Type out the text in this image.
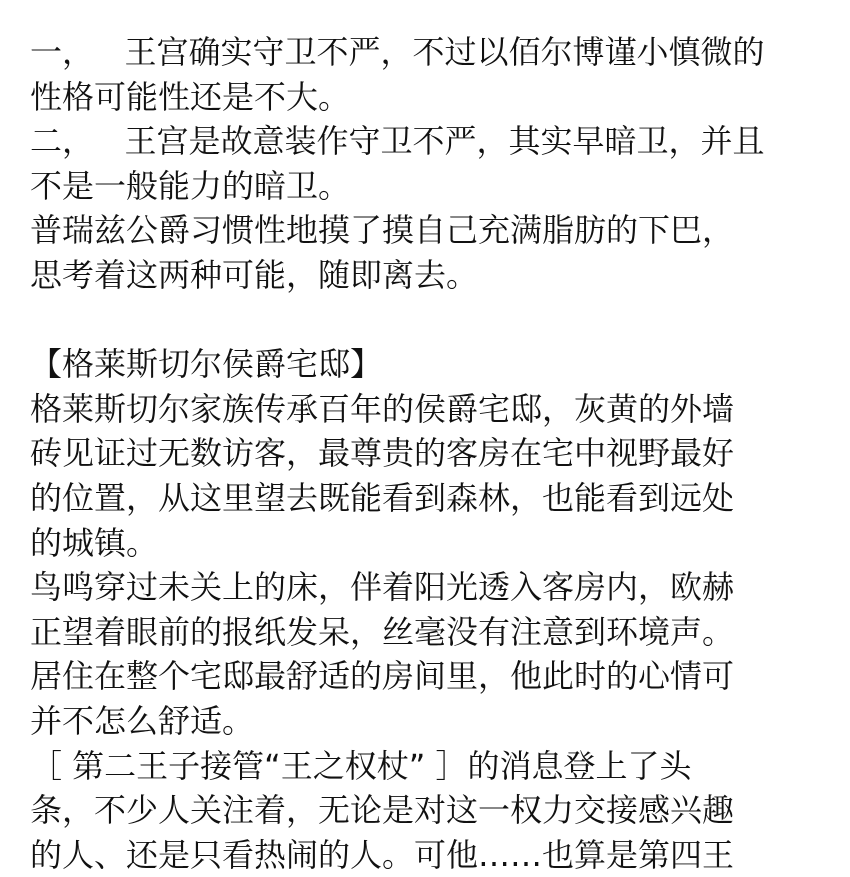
一，   王宫确实守卫不严，不过以佰尔博谨小慎微的
性格可能性还是不大。
二，   王宫是故意装作守卫不严，其实早暗卫，并且
不是一般能力的暗卫。
普瑞兹公爵习惯性地摸了摸自己充满脂肪的下巴，
思考着这两种可能，随即离去。
【格莱斯切尔侯爵宅邸】
格莱斯切尔家族传承百年的侯爵宅邸，灰黄的外墙
砖见证过无数访客，最尊贵的客房在宅中视野最好
的位置，从这里望去既能看到森林，也能看到远处
的城镇。
鸟鸣穿过未关上的床，伴着阳光透入客房内，欧赫
正望着眼前的报纸发呆，丝毫没有注意到环境声。
居住在整个宅邸最舒适的房间里，他此时的心情可
并不怎么舒适。
［ 第二王子接管“王之权杖” ］的消息登上了头
条，不少人关注着，无论是对这一权力交接感兴趣
的人、还是只看热闹的人。可他……也算是第四王
